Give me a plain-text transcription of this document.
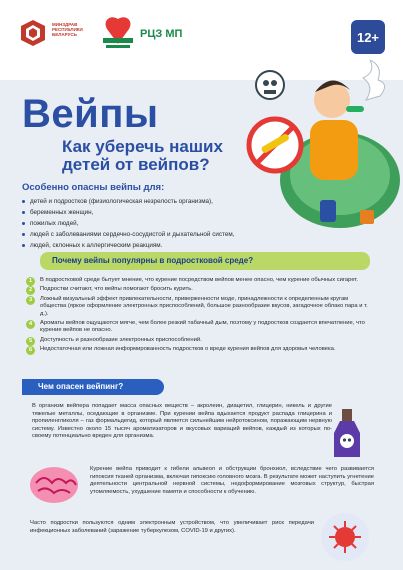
МИНЗДРАВ РЕСПУБЛИКИ БЕЛАРУСЬ	РЦЗ МП	12+
Вейпы
Как уберечь наших детей от вейпов?
Особенно опасны вейпы для:
детей и подростков (физиологическая незрелость организма),
беременных женщин,
пожилых людей,
людей с заболеваниями сердечно-сосудистой и дыхательной систем,
людей, склонных к аллергическим реакциям.
Почему вейпы популярны в подростковой среде?
1	В подростковой среде бытует мнение, что курение посредством вейпов менее опасно, чем курение обычных сигарет.
2	Подростки считают, что вейпы помогают бросить курить.
3	Ложный визуальный эффект привлекательности, приверженности моде, принадлежности к определенным кругам общества (яркое оформление электронных приспособлений, большое разнообразие вкусов, загадочное облако пара и т. д.).
4	Ароматы вейпов ощущаются мягче, чем более резкий табачный дым, поэтому у подростков создается впечатление, что курение вейпов не опасно.
5	Доступность и разнообразие электронных приспособлений.
6	Недостаточная или ложная информированность подростков о вреде курения вейпов для здоровья человека.
Чем опасен вейпинг?
В организм вейпера попадает масса опасных веществ – акролеин, диацетил, глицерин, никель и другие тяжелые металлы, оседающие в организме. При курении вейпа вдыхается продукт распада глицерина и пропиленгликоля – газ формальдегид, который является сильнейшим нейротоксином, поражающим нервную систему. Известно около 15 тысяч ароматизаторов и вкусовых вариаций вейпов, каждый из которых по-своему потенциально вреден для организма.
Курение вейпа приводит к гибели альвеол и обструкции бронхиол, вследствие чего развивается гипоксия тканей организма, включая гипоксию головного мозга. В результате может наступить угнетение деятельности центральной нервной системы, недоформирование мозговых структур, быстрая утомляемость, ухудшение памяти и способности к обучению.
Часто подростки пользуются одним электронным устройством, что увеличивает риск передачи инфекционных заболеваний (заражение туберкулезом, COVID-19 и других).
